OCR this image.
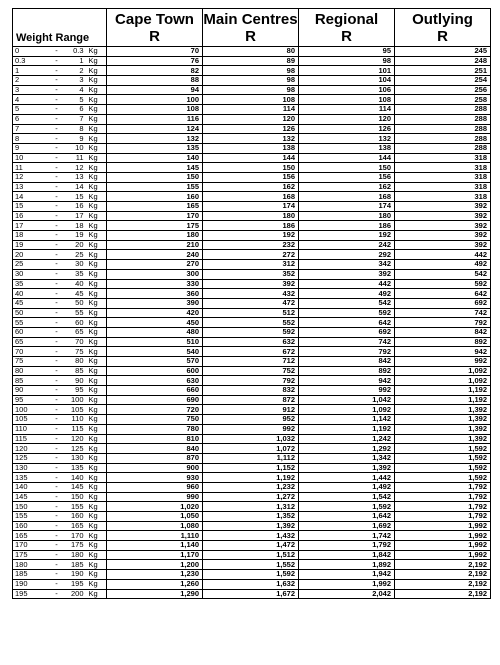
				Cape Town	Main Centres	Regional	Outlying
Weight Range				R	R	R	R
0	-	0.3	Kg	70	80	95	245
0.3	-	1	Kg	76	89	98	248
1	-	2	Kg	82	98	101	251
2	-	3	Kg	88	98	104	254
3	-	4	Kg	94	98	106	256
4	-	5	Kg	100	108	108	258
5	-	6	Kg	108	114	114	288
6	-	7	Kg	116	120	120	288
7	-	8	Kg	124	126	126	288
8	-	9	Kg	132	132	132	288
9	-	10	Kg	135	138	138	288
10	-	11	Kg	140	144	144	318
11	-	12	Kg	145	150	150	318
12	-	13	Kg	150	156	156	318
13	-	14	Kg	155	162	162	318
14	-	15	Kg	160	168	168	318
15	-	16	Kg	165	174	174	392
16	-	17	Kg	170	180	180	392
17	-	18	Kg	175	186	186	392
18	-	19	Kg	180	192	192	392
19	-	20	Kg	210	232	242	392
20	-	25	Kg	240	272	292	442
25	-	30	Kg	270	312	342	492
30	-	35	Kg	300	352	392	542
35	-	40	Kg	330	392	442	592
40	-	45	Kg	360	432	492	642
45	-	50	Kg	390	472	542	692
50	-	55	Kg	420	512	592	742
55	-	60	Kg	450	552	642	792
60	-	65	Kg	480	592	692	842
65	-	70	Kg	510	632	742	892
70	-	75	Kg	540	672	792	942
75	-	80	Kg	570	712	842	992
80	-	85	Kg	600	752	892	1,092
85	-	90	Kg	630	792	942	1,092
90	-	95	Kg	660	832	992	1,192
95	-	100	Kg	690	872	1,042	1,192
100	-	105	Kg	720	912	1,092	1,392
105	-	110	Kg	750	952	1,142	1,392
110	-	115	Kg	780	992	1,192	1,392
115	-	120	Kg	810	1,032	1,242	1,392
120	-	125	Kg	840	1,072	1,292	1,592
125	-	130	Kg	870	1,112	1,342	1,592
130	-	135	Kg	900	1,152	1,392	1,592
135	-	140	Kg	930	1,192	1,442	1,592
140	-	145	Kg	960	1,232	1,492	1,792
145	-	150	Kg	990	1,272	1,542	1,792
150	-	155	Kg	1,020	1,312	1,592	1,792
155	-	160	Kg	1,050	1,352	1,642	1,792
160	-	165	Kg	1,080	1,392	1,692	1,992
165	-	170	Kg	1,110	1,432	1,742	1,992
170	-	175	Kg	1,140	1,472	1,792	1,992
175	-	180	Kg	1,170	1,512	1,842	1,992
180	-	185	Kg	1,200	1,552	1,892	2,192
185	-	190	Kg	1,230	1,592	1,942	2,192
190	-	195	Kg	1,260	1,632	1,992	2,192
195	-	200	Kg	1,290	1,672	2,042	2,192
